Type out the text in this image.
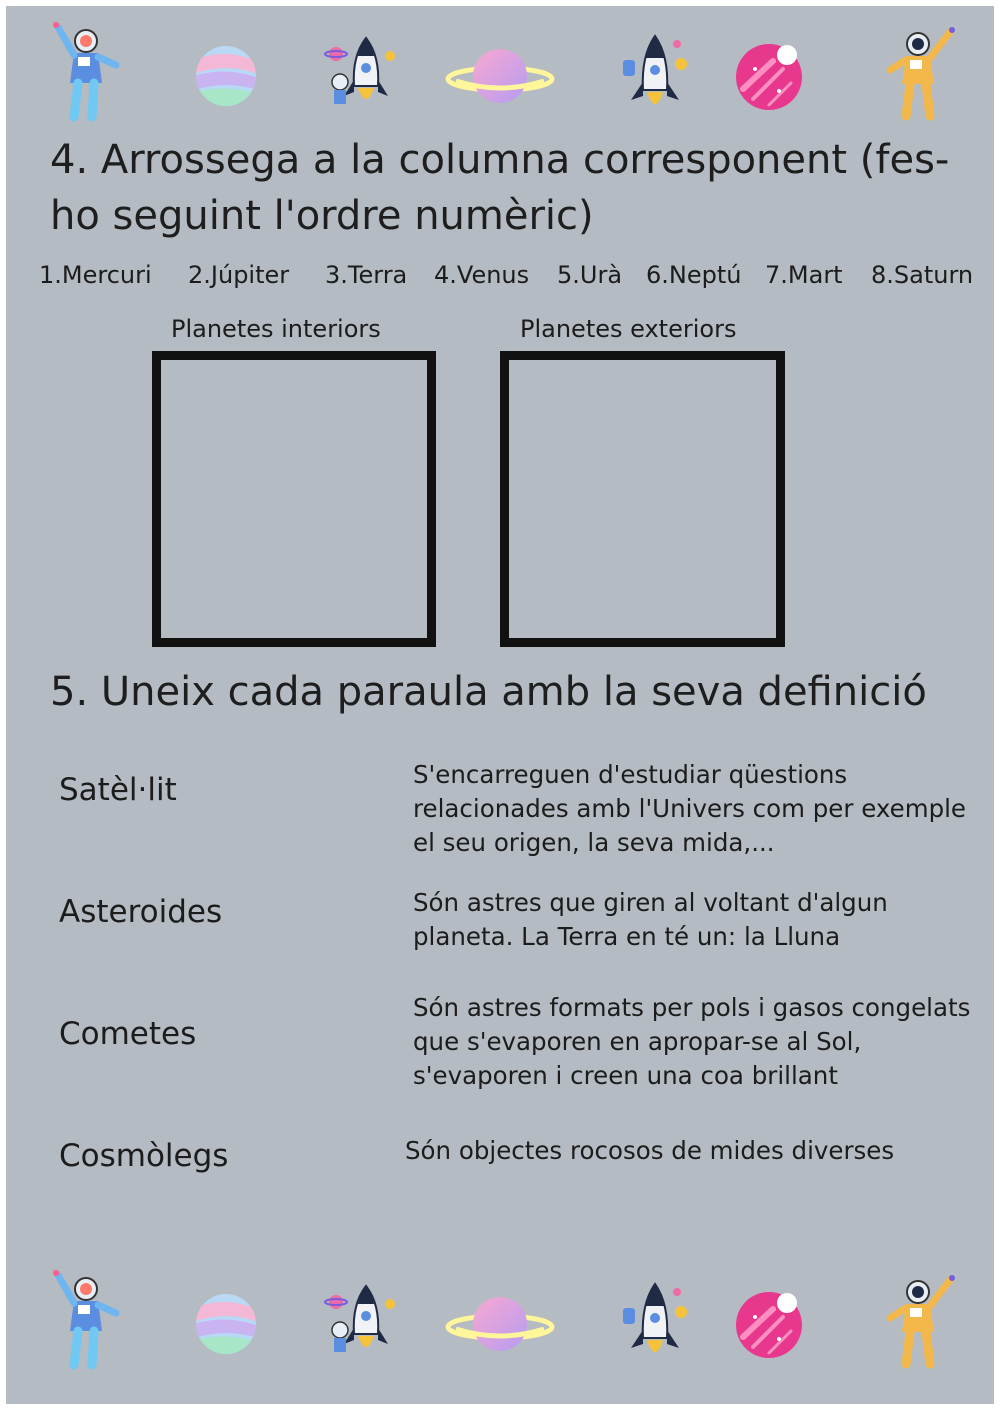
4. Arrossega a la columna corresponent (fes-
ho seguint l'ordre numèric)
1.Mercuri 2.Júpiter 3.Terra 4.Venus 5.Urà 6.Neptú 7.Mart 8.Saturn
Planetes interiors	Planetes exteriors
5. Uneix cada paraula amb la seva definició
Satèl·lit
Asteroides
Cometes
Cosmòlegs
S'encarreguen d'estudiar qüestions
relacionades amb l'Univers com per exemple
el seu origen, la seva mida,...
Són astres que giren al voltant d'algun
planeta. La Terra en té un: la Lluna
Són astres formats per pols i gasos congelats
que s'evaporen en apropar-se al Sol,
s'evaporen i creen una coa brillant
Són objectes rocosos de mides diverses
